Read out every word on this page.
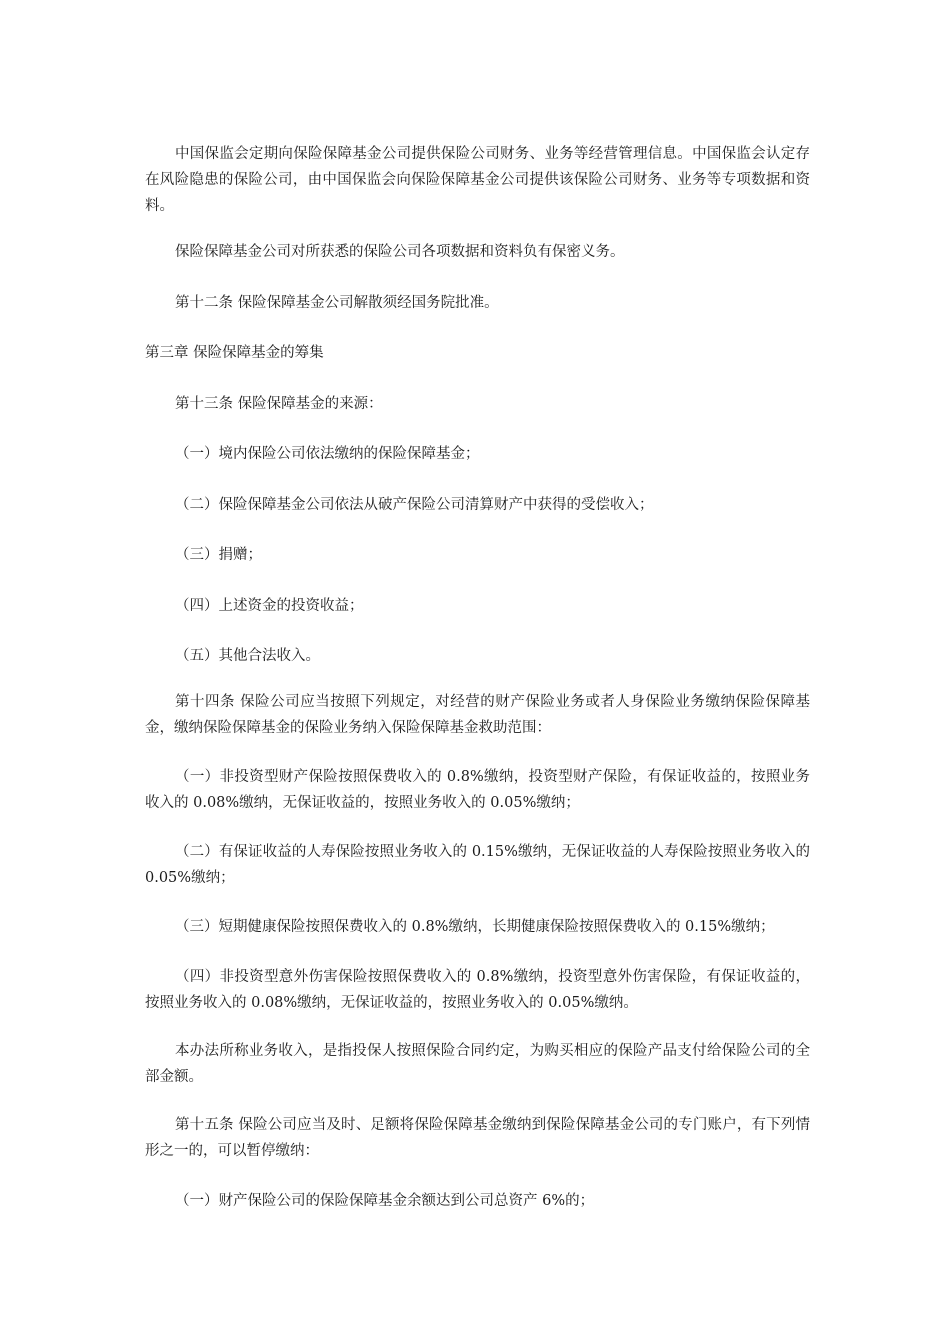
中国保监会定期向保险保障基金公司提供保险公司财务、业务等经营管理信息。中国保监会认定存在风险隐患的保险公司，由中国保监会向保险保障基金公司提供该保险公司财务、业务等专项数据和资料。

保险保障基金公司对所获悉的保险公司各项数据和资料负有保密义务。

第十二条 保险保障基金公司解散须经国务院批准。

第三章 保险保障基金的筹集

第十三条 保险保障基金的来源：

（一）境内保险公司依法缴纳的保险保障基金；

（二）保险保障基金公司依法从破产保险公司清算财产中获得的受偿收入；

（三）捐赠；

（四）上述资金的投资收益；

（五）其他合法收入。

第十四条 保险公司应当按照下列规定，对经营的财产保险业务或者人身保险业务缴纳保险保障基金，缴纳保险保障基金的保险业务纳入保险保障基金救助范围：

（一）非投资型财产保险按照保费收入的 0.8%缴纳，投资型财产保险，有保证收益的，按照业务收入的 0.08%缴纳，无保证收益的，按照业务收入的 0.05%缴纳；

（二）有保证收益的人寿保险按照业务收入的 0.15%缴纳，无保证收益的人寿保险按照业务收入的 0.05%缴纳；

（三）短期健康保险按照保费收入的 0.8%缴纳，长期健康保险按照保费收入的 0.15%缴纳；

（四）非投资型意外伤害保险按照保费收入的 0.8%缴纳，投资型意外伤害保险，有保证收益的，按照业务收入的 0.08%缴纳，无保证收益的，按照业务收入的 0.05%缴纳。

本办法所称业务收入，是指投保人按照保险合同约定，为购买相应的保险产品支付给保险公司的全部金额。

第十五条 保险公司应当及时、足额将保险保障基金缴纳到保险保障基金公司的专门账户，有下列情形之一的，可以暂停缴纳：

（一）财产保险公司的保险保障基金余额达到公司总资产 6%的；
